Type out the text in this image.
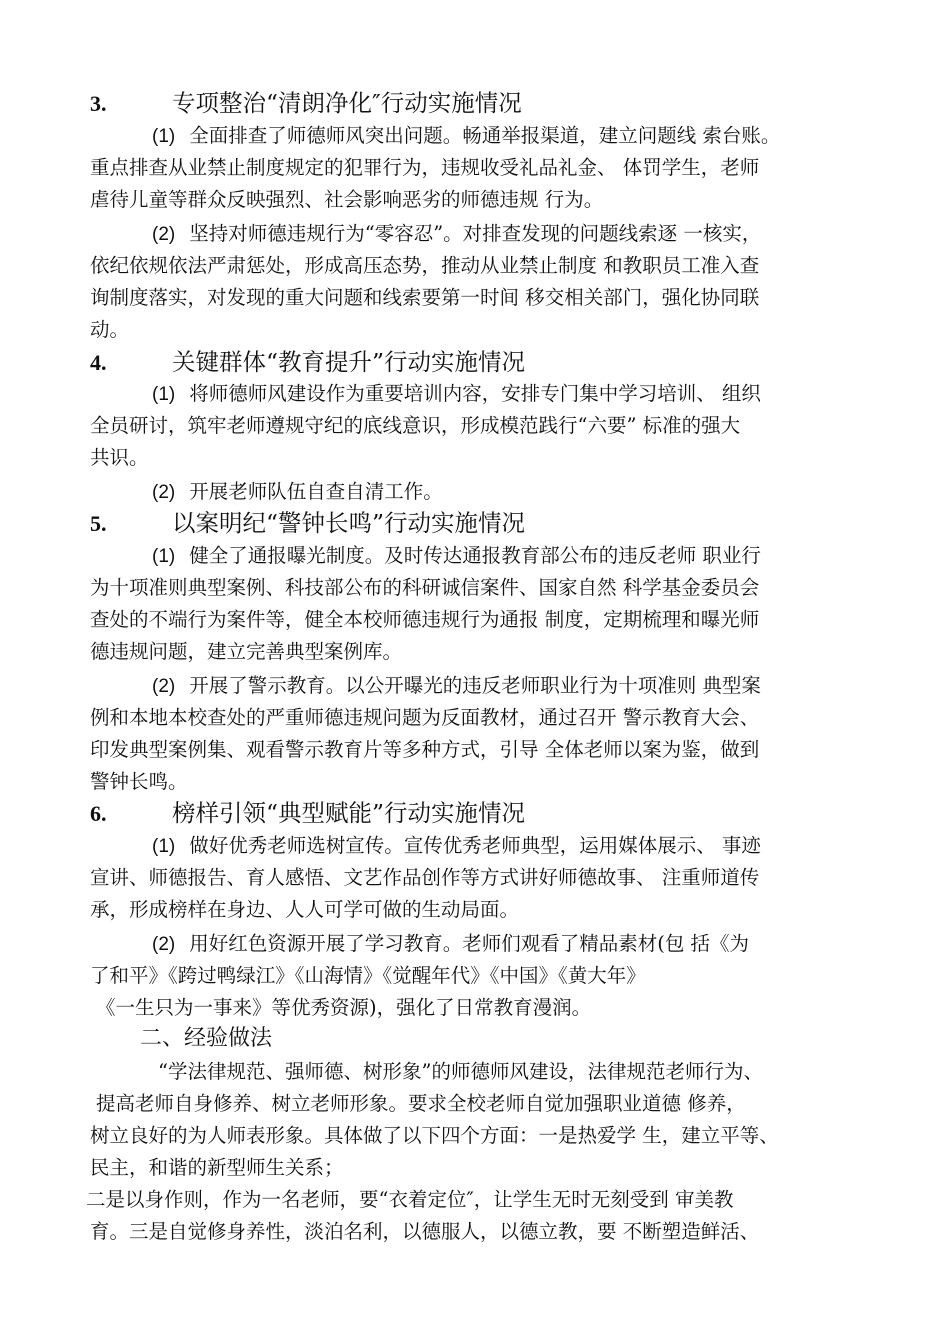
3.	专项整治“清朗净化″行动实施情况
(1) 全面排查了师德师风突出问题。畅通举报渠道，建立问题线 索台账。
重点排查从业禁止制度规定的犯罪行为，违规收受礼品礼金、 体罚学生，老师
虐待儿童等群众反映强烈、社会影响恶劣的师德违规 行为。
(2) 坚持对师德违规行为“零容忍”。对排查发现的问题线索逐 一核实，
依纪依规依法严肃惩处，形成高压态势，推动从业禁止制度 和教职员工准入查
询制度落实，对发现的重大问题和线索要第一时间 移交相关部门，强化协同联
动。
4.	关键群体“教育提升”行动实施情况
(1) 将师德师风建设作为重要培训内容，安排专门集中学习培训、 组织
全员研讨，筑牢老师遵规守纪的底线意识，形成模范践行“六要” 标准的强大
共识。
(2) 开展老师队伍自查自清工作。
5.	以案明纪“警钟长鸣”行动实施情况
(1) 健全了通报曝光制度。及时传达通报教育部公布的违反老师 职业行
为十项准则典型案例、科技部公布的科研诚信案件、国家自然 科学基金委员会
查处的不端行为案件等，健全本校师德违规行为通报 制度，定期梳理和曝光师
德违规问题，建立完善典型案例库。
(2) 开展了警示教育。以公开曝光的违反老师职业行为十项准则 典型案
例和本地本校查处的严重师德违规问题为反面教材，通过召开 警示教育大会、
印发典型案例集、观看警示教育片等多种方式，引导 全体老师以案为鉴，做到
警钟长鸣。
6.	榜样引领“典型赋能”行动实施情况
(1) 做好优秀老师选树宣传。宣传优秀老师典型，运用媒体展示、 事迹
宣讲、师德报告、育人感悟、文艺作品创作等方式讲好师德故事、 注重师道传
承，形成榜样在身边、人人可学可做的生动局面。
(2) 用好红色资源开展了学习教育。老师们观看了精品素材(包 括《为
了和平》《跨过鸭绿江》《山海情》《觉醒年代》《中国》《黄大年》
《一生只为一事来》等优秀资源)，强化了日常教育漫润。
二、经验做法
“学法律规范、强师德、树形象”的师德师风建设，法律规范老师行为、
提高老师自身修养、树立老师形象。要求全校老师自觉加强职业道德 修养，
树立良好的为人师表形象。具体做了以下四个方面：一是热爱学 生，建立平等、
民主，和谐的新型师生关系；
二是以身作则，作为一名老师，要“衣着定位″，让学生无时无刻受到 审美教
育。三是自觉修身养性，淡泊名利，以德服人，以德立教，要 不断塑造鲜活、
